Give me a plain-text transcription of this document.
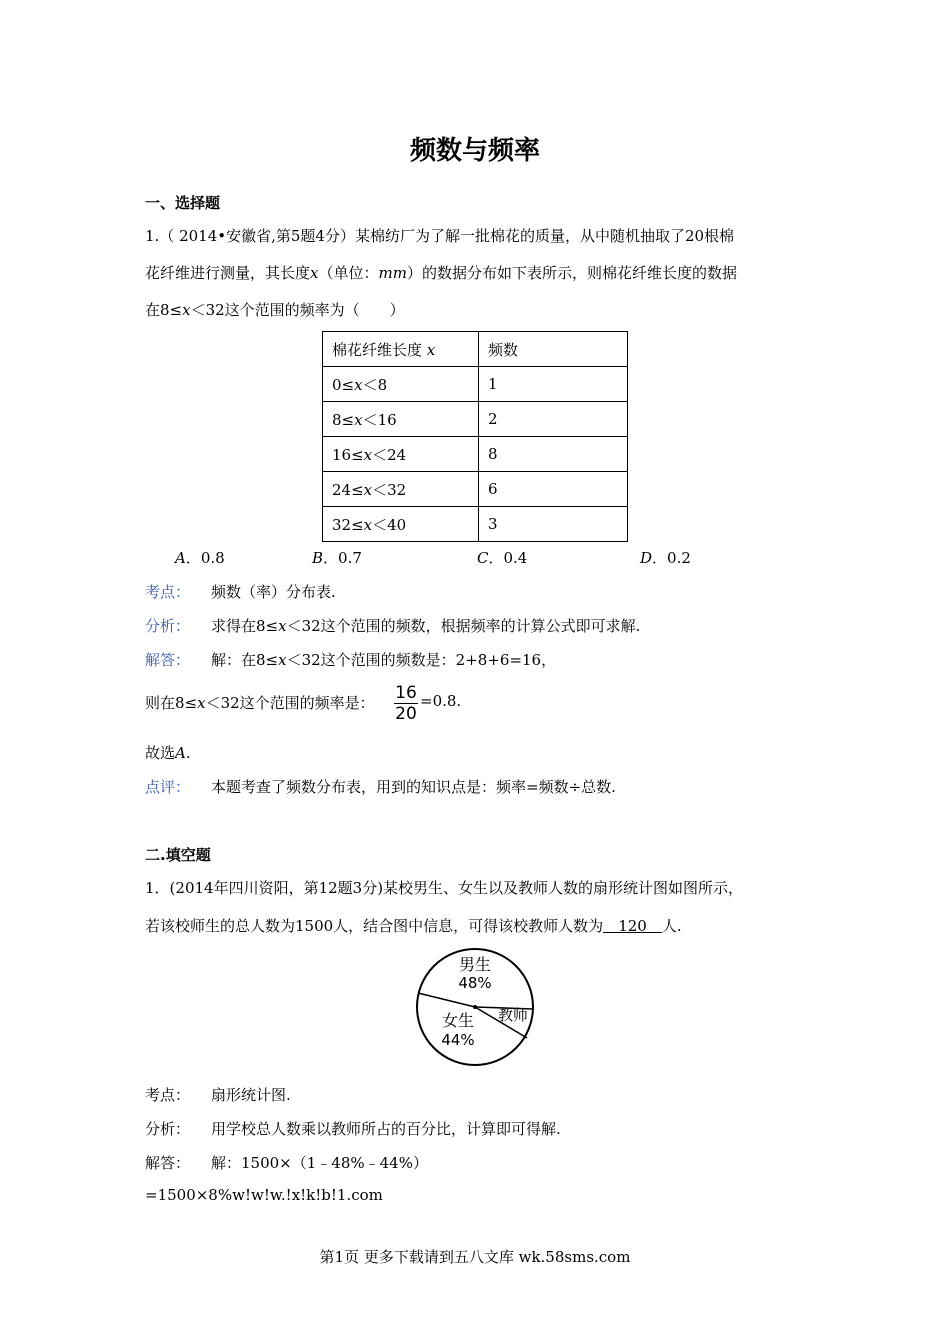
频数与频率
一、选择题
1.（ 2014•安徽省,第5题4分）某棉纺厂为了解一批棉花的质量，从中随机抽取了20根棉
花纤维进行测量，其长度x（单位：mm）的数据分布如下表所示，则棉花纤维长度的数据
在8≤x＜32这个范围的频率为（　　）
棉花纤维长度 x	频数
0≤x＜8	1
8≤x＜16	2
16≤x＜24	8
24≤x＜32	6
32≤x＜40	3
A．0.8	B．0.7	C．0.4	D．0.2
考点： 频数（率）分布表.
分析： 求得在8≤x＜32这个范围的频数，根据频率的计算公式即可求解.
解答： 解：在8≤x＜32这个范围的频数是：2+8+6=16，
则在8≤x＜32这个范围的频率是： 16
20
=0.8.
故选A.
点评： 本题考查了频数分布表，用到的知识点是：频率=频数÷总数.
二.填空题
1．(2014年四川资阳，第12题3分)某校男生、女生以及教师人数的扇形统计图如图所示，
若该校师生的总人数为1500人，结合图中信息，可得该校教师人数为　120　人.
男生
48%
女生
44%
教师
考点： 扇形统计图.
分析： 用学校总人数乘以教师所占的百分比，计算即可得解.
解答： 解：1500×（1﹣48%﹣44%）
=1500×8%w!w!w.!x!k!b!1.com
第1页 更多下载请到五八文库 wk.58sms.com
